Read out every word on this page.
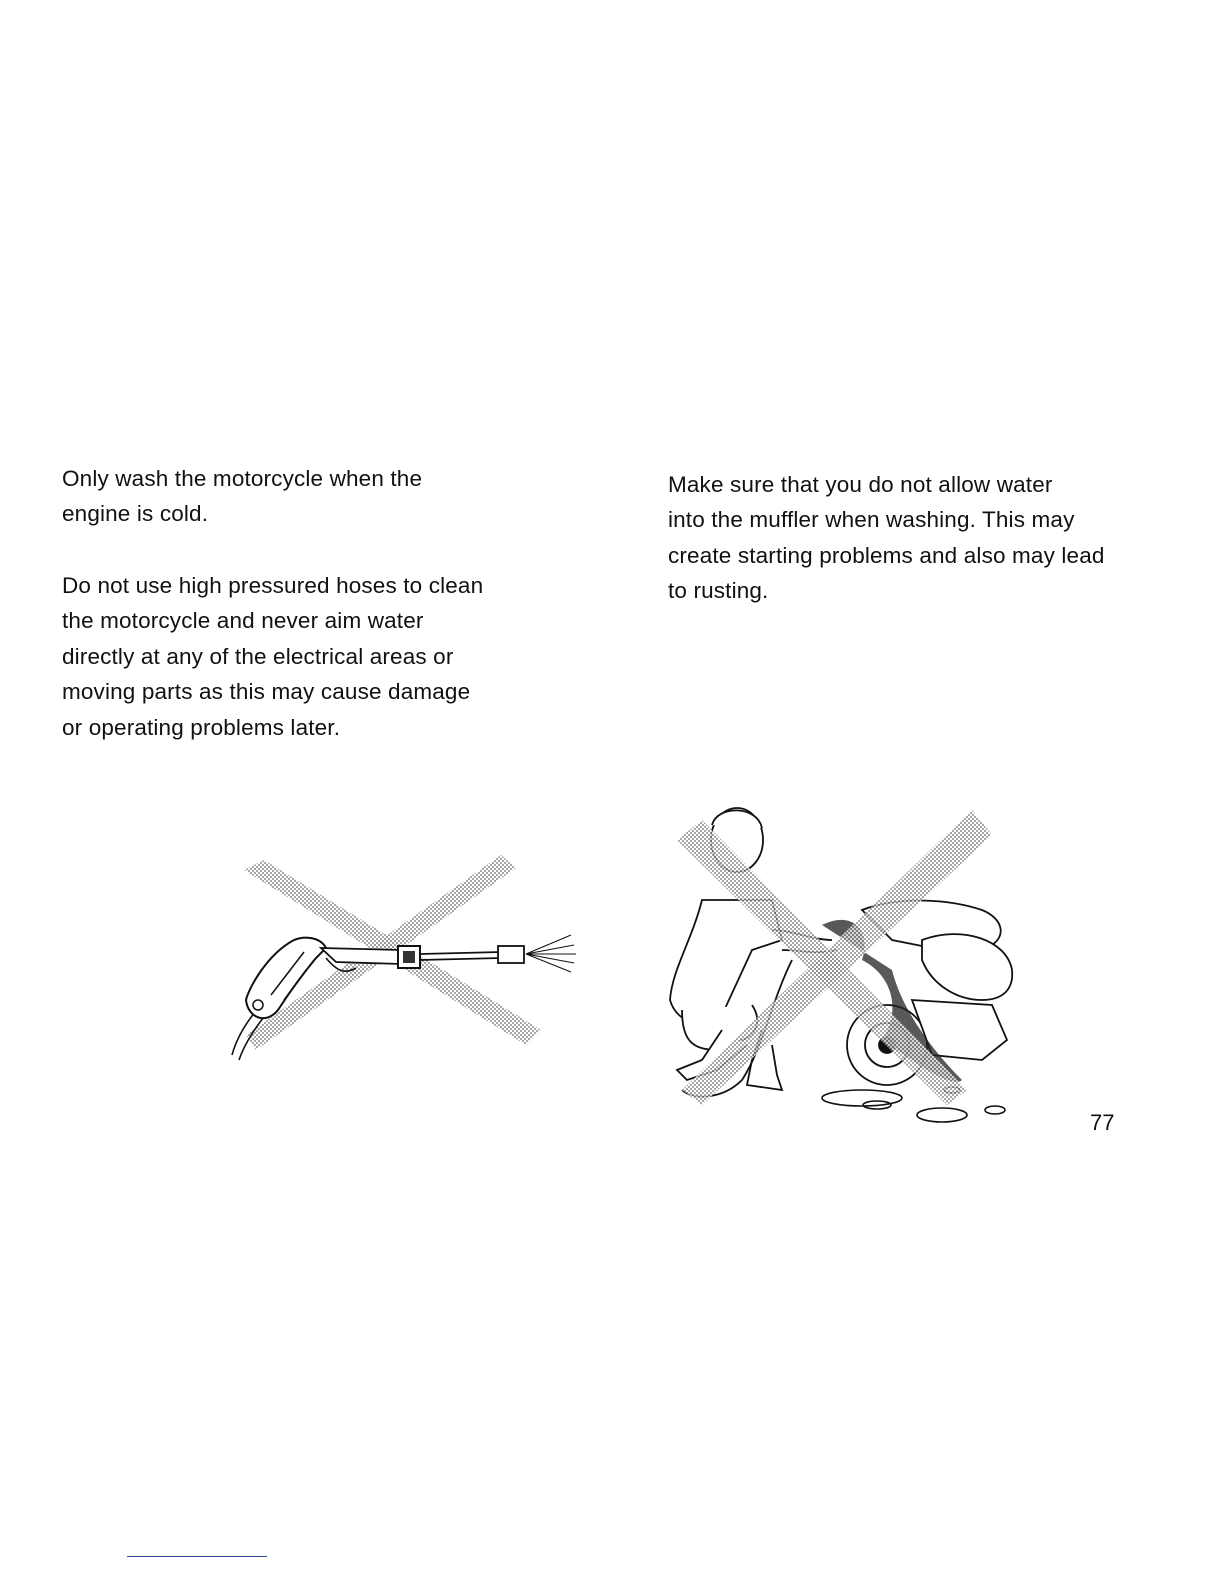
Only wash the motorcycle when the
engine is cold.

Do not use high pressured hoses to clean
the motorcycle and never aim water
directly at any of the electrical areas or
moving parts as this may cause damage
or operating problems later.

Make sure that you do not allow water
into the muffler when washing. This may
create starting problems and also may lead
to rusting.

77
